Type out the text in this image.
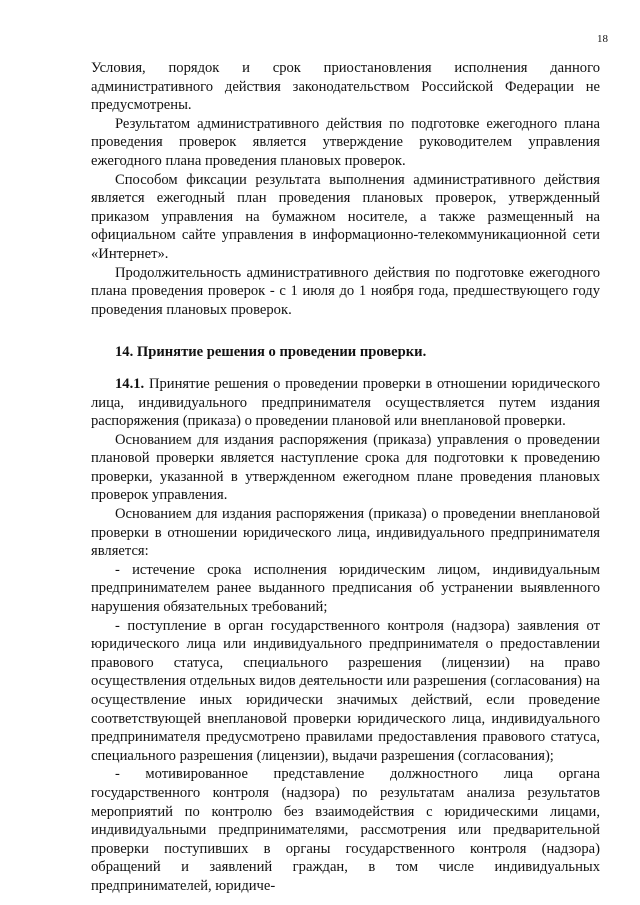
18

Условия, порядок и срок приостановления исполнения данного административного действия законодательством Российской Федерации не предусмотрены.

Результатом административного действия по подготовке ежегодного плана проведения проверок является утверждение руководителем управления ежегодного плана проведения плановых проверок.

Способом фиксации результата выполнения административного действия является ежегодный план проведения плановых проверок, утвержденный приказом управления на бумажном носителе, а также размещенный на официальном сайте управления в информационно-телекоммуникационной сети «Интернет».

Продолжительность административного действия по подготовке ежегодного плана проведения проверок - с 1 июля до 1 ноября года, предшествующего году проведения плановых проверок.

14. Принятие решения о проведении проверки.

14.1. Принятие решения о проведении проверки в отношении юридического лица, индивидуального предпринимателя осуществляется путем издания распоряжения (приказа) о проведении плановой или внеплановой проверки.

Основанием для издания распоряжения (приказа) управления о проведении плановой проверки является наступление срока для подготовки к проведению проверки, указанной в утвержденном ежегодном плане проведения плановых проверок управления.

Основанием для издания распоряжения (приказа) о проведении внеплановой проверки в отношении юридического лица, индивидуального предпринимателя является:

- истечение срока исполнения юридическим лицом, индивидуальным предпринимателем ранее выданного предписания об устранении выявленного нарушения обязательных требований;

- поступление в орган государственного контроля (надзора) заявления от юридического лица или индивидуального предпринимателя о предоставлении правового статуса, специального разрешения (лицензии) на право осуществления отдельных видов деятельности или разрешения (согласования) на осуществление иных юридически значимых действий, если проведение соответствующей внеплановой проверки юридического лица, индивидуального предпринимателя предусмотрено правилами предоставления правового статуса, специального разрешения (лицензии), выдачи разрешения (согласования);

- мотивированное представление должностного лица органа государственного контроля (надзора) по результатам анализа результатов мероприятий по контролю без взаимодействия с юридическими лицами, индивидуальными предпринимателями, рассмотрения или предварительной проверки поступивших в органы государственного контроля (надзора) обращений и заявлений граждан, в том числе индивидуальных предпринимателей, юридиче-
